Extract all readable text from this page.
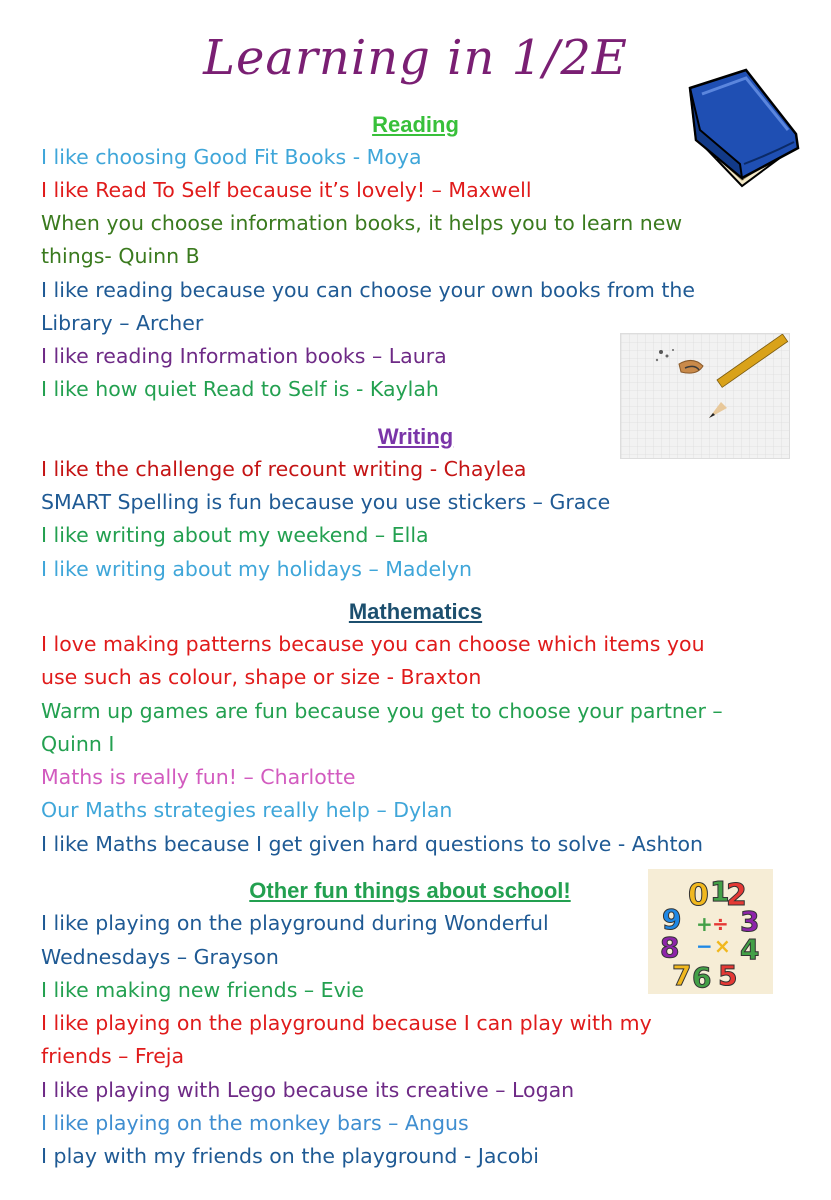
Learning in 1/2E
0 1
2
9 + ÷ 3
8 − × 4
7 6 5
Reading
I like choosing Good Fit Books - Moya
I like Read To Self because it’s lovely! – Maxwell
When you choose information books, it helps you to learn new
things- Quinn B
I like reading because you can choose your own books from the
Library – Archer
I like reading Information books – Laura
I like how quiet Read to Self is - Kaylah
Writing
I like the challenge of recount writing - Chaylea
SMART Spelling is fun because you use stickers – Grace
I like writing about my weekend – Ella
I like writing about my holidays – Madelyn
Mathematics
I love making patterns because you can choose which items you
use such as colour, shape or size - Braxton
Warm up games are fun because you get to choose your partner –
Quinn I
Maths is really fun! – Charlotte
Our Maths strategies really help – Dylan
I like Maths because I get given hard questions to solve - Ashton
Other fun things about school!
I like playing on the playground during Wonderful
Wednesdays – Grayson
I like making new friends – Evie
I like playing on the playground because I can play with my
friends – Freja
I like playing with Lego because its creative – Logan
I like playing on the monkey bars – Angus
I play with my friends on the playground - Jacobi
